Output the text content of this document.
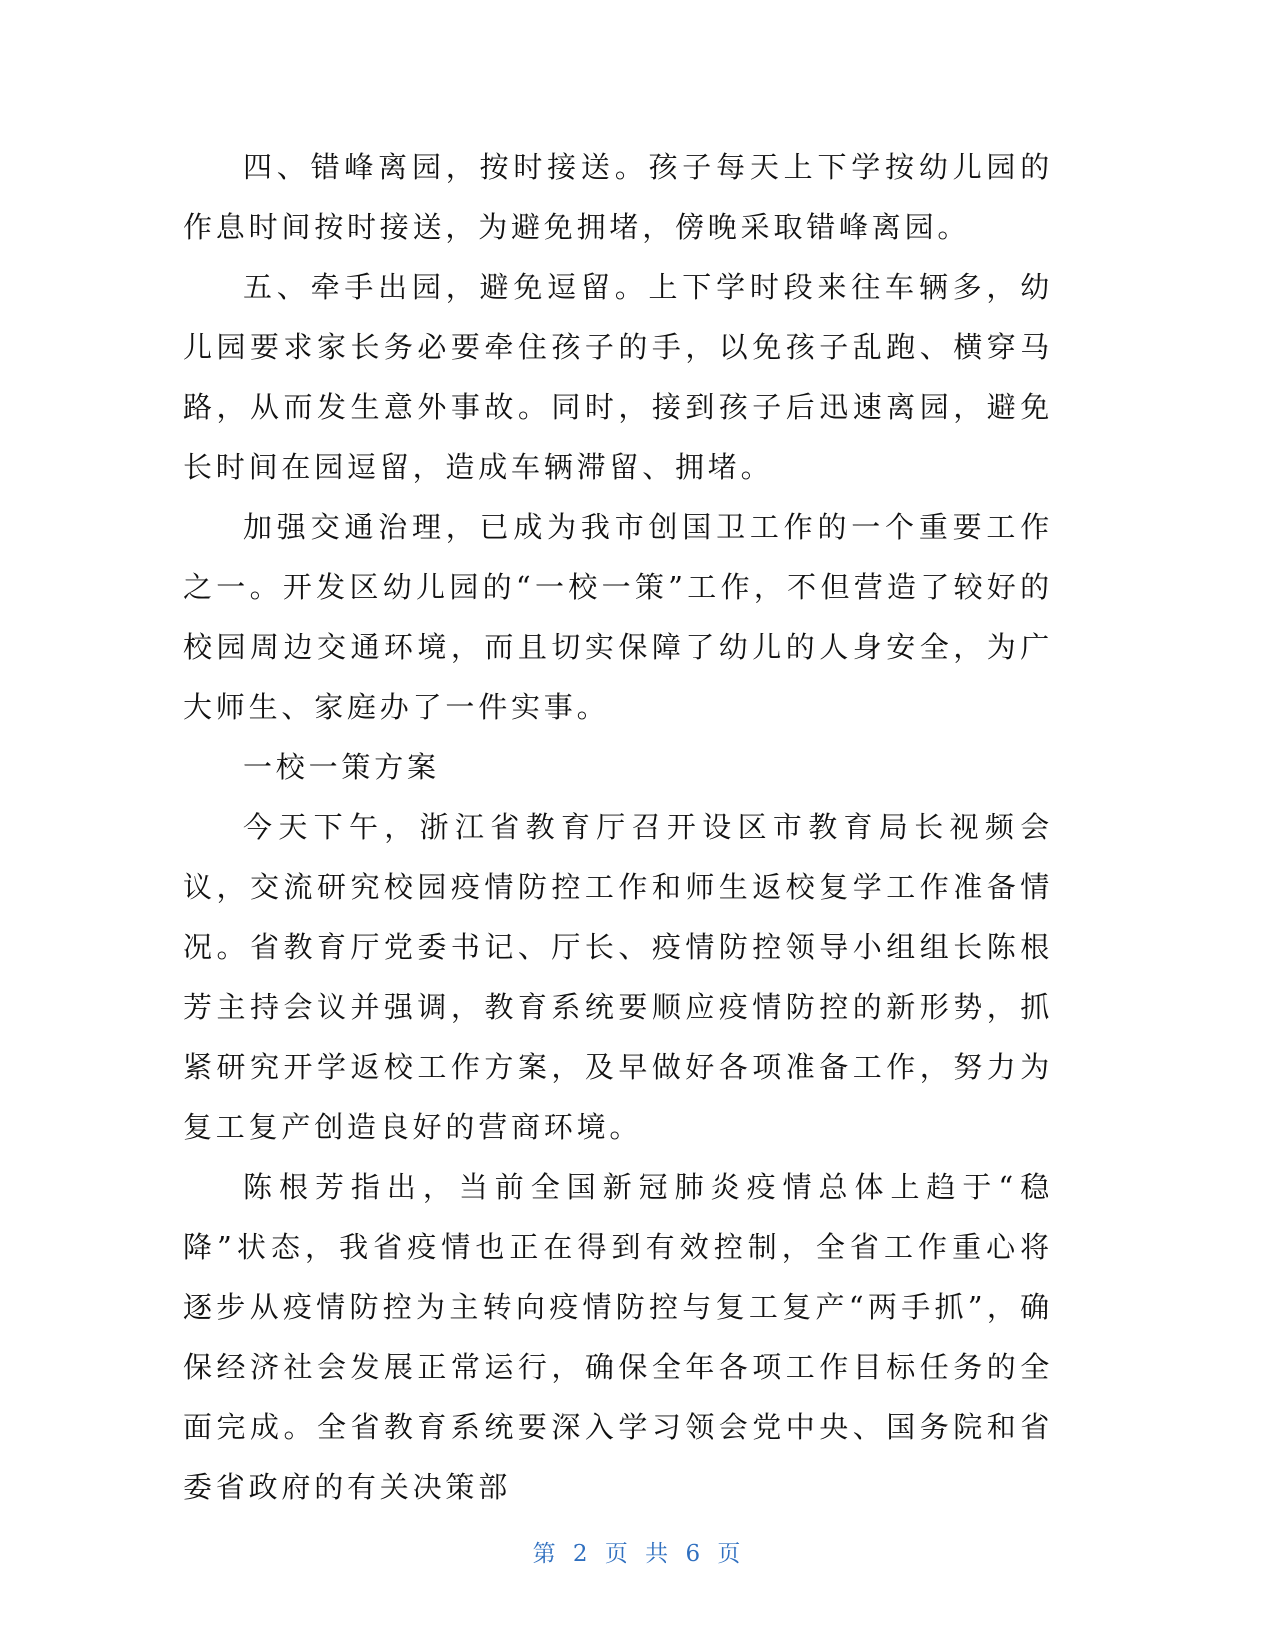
四、错峰离园，按时接送。孩子每天上下学按幼儿园的作息时间按时接送，为避免拥堵，傍晚采取错峰离园。

五、牵手出园，避免逗留。上下学时段来往车辆多，幼儿园要求家长务必要牵住孩子的手，以免孩子乱跑、横穿马路，从而发生意外事故。同时，接到孩子后迅速离园，避免长时间在园逗留，造成车辆滞留、拥堵。

加强交通治理，已成为我市创国卫工作的一个重要工作之一。开发区幼儿园的“一校一策”工作，不但营造了较好的校园周边交通环境，而且切实保障了幼儿的人身安全，为广大师生、家庭办了一件实事。

一校一策方案

今天下午，浙江省教育厅召开设区市教育局长视频会议，交流研究校园疫情防控工作和师生返校复学工作准备情况。省教育厅党委书记、厅长、疫情防控领导小组组长陈根芳主持会议并强调，教育系统要顺应疫情防控的新形势，抓紧研究开学返校工作方案，及早做好各项准备工作，努力为复工复产创造良好的营商环境。

陈根芳指出，当前全国新冠肺炎疫情总体上趋于“稳降”状态，我省疫情也正在得到有效控制，全省工作重心将逐步从疫情防控为主转向疫情防控与复工复产“两手抓”，确保经济社会发展正常运行，确保全年各项工作目标任务的全面完成。全省教育系统要深入学习领会党中央、国务院和省委省政府的有关决策部

第 2 页 共 6 页
